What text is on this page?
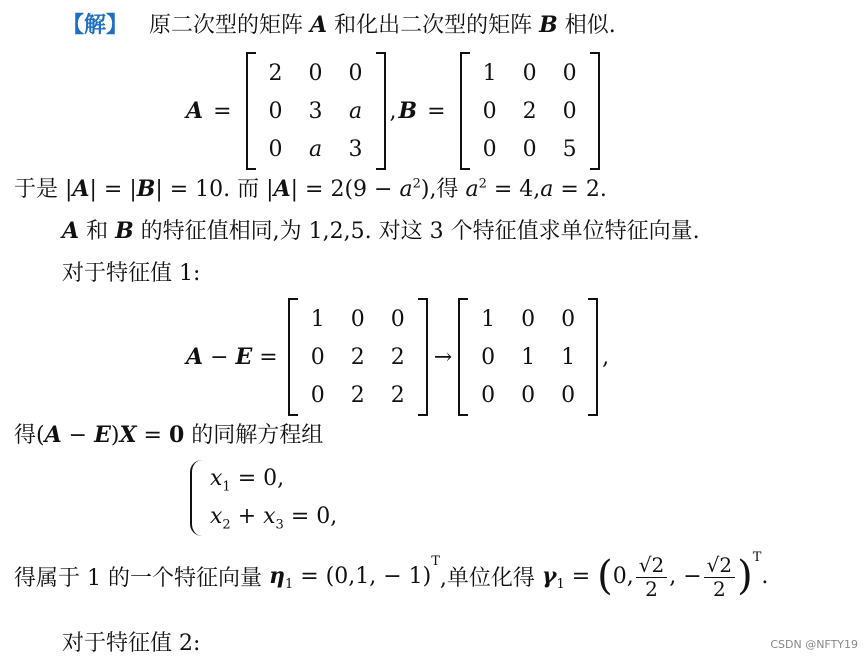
【解】 原二次型的矩阵 A 和化出二次型的矩阵 B 相似.
A =
2 0 0
0 3 a
0 a 3
, B =
1 0 0
0 2 0
0 0 5
于是 |A| = |B| = 10. 而 $|A| = 2(9 - a^2)$,得 $a^2 = 4,a = 2$.
A 和 B 的特征值相同,为 1,2,5. 对这 3 个特征值求单位特征向量.
对于特征值 1:
A − E =
1 0 0
0 2 2
0 2 2
→
1 0 0
0 1 1
0 0 0
,
得(A − E)X = 0 的同解方程组
$x_1 = 0$,
$x_2 + x_3 = 0$,
得属于 1 的一个特征向量 $\eta_1 = (0,1$, − 1)
$^T$
,单位化得 $\gamma_1$ = ( 0, $\frac{√2}{2}$ , − $\frac{√2}{2} )^T$
.
对于特征值 2:	CSDN @NFTY19
